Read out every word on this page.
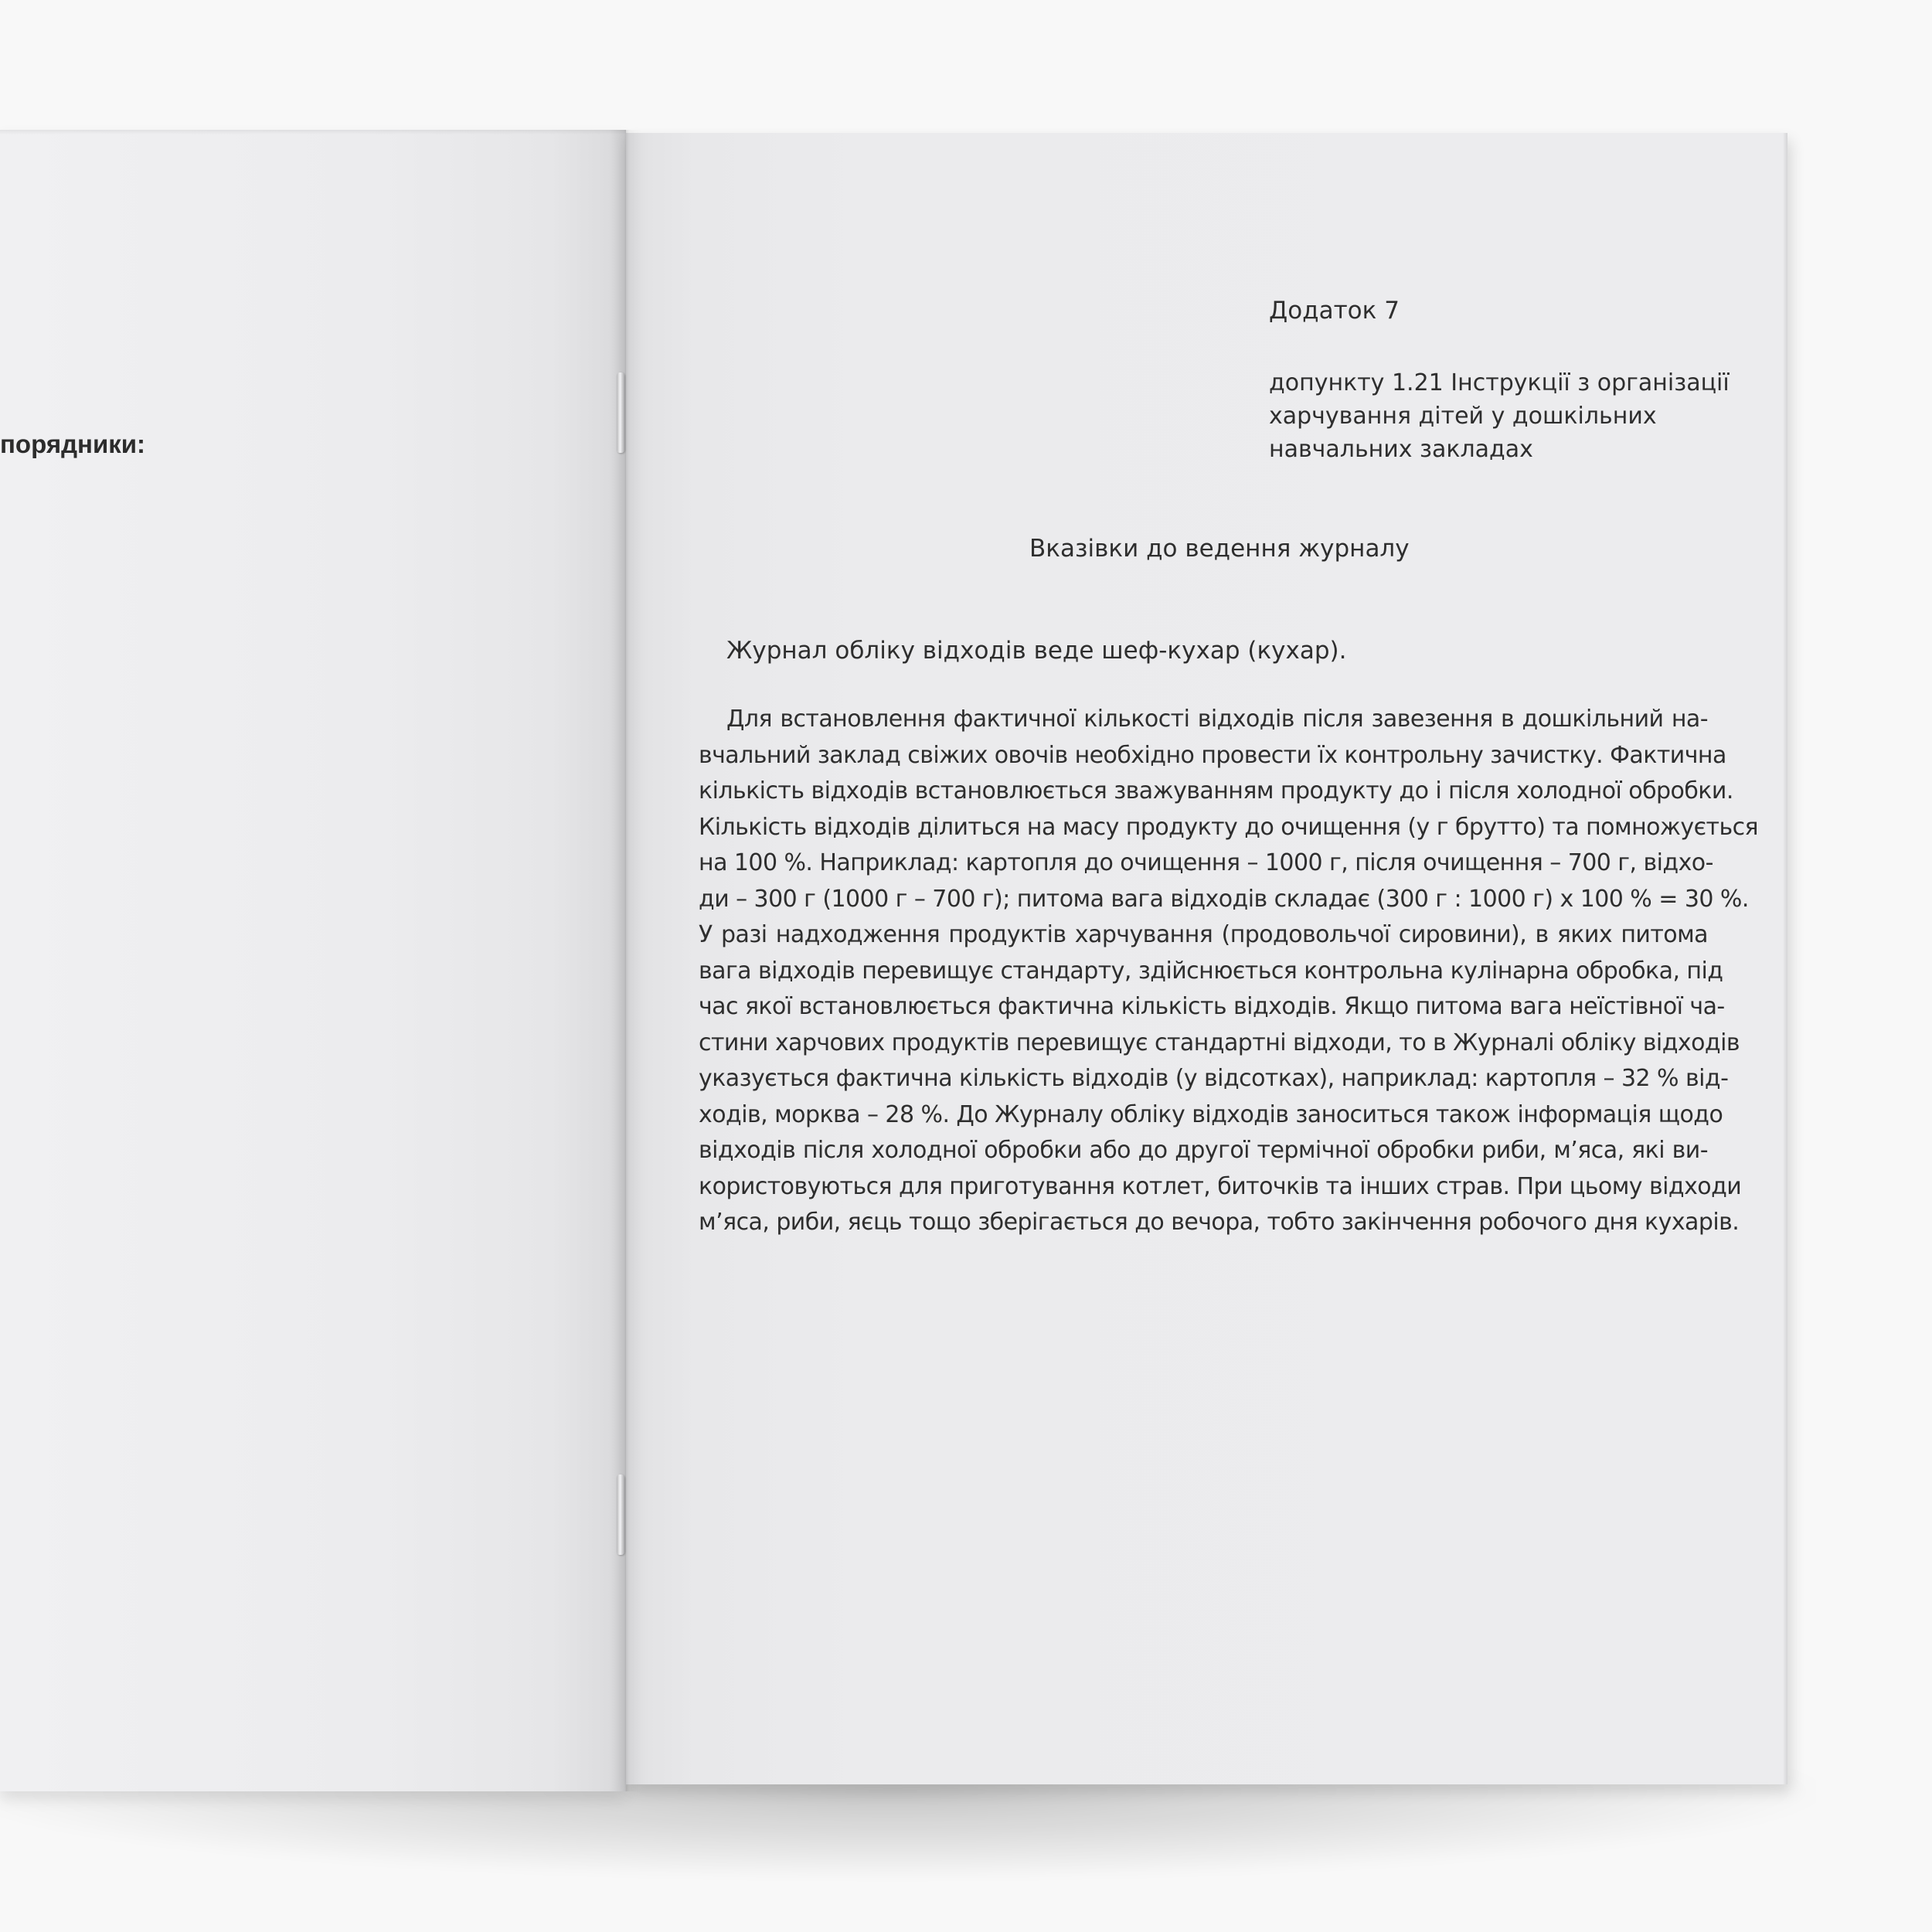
порядники:
Додаток 7
допункту 1.21 Інструкції з організації
харчування дітей у дошкільних
навчальних закладах
Вказівки до ведення журналу
Журнал обліку відходів веде шеф-кухар (кухар).
Для встановлення фактичної кількості відходів після завезення в дошкільний на-
вчальний заклад свіжих овочів необхідно провести їх контрольну зачистку. Фактична
кількість відходів встановлюється зважуванням продукту до і після холодної обробки.
Кількість відходів ділиться на масу продукту до очищення (у г брутто) та помножується
на 100 %. Наприклад: картопля до очищення – 1000 г, після очищення – 700 г, відхо-
ди – 300 г (1000 г – 700 г); питома вага відходів складає (300 г : 1000 г) х 100 % = 30 %.
У разі надходження продуктів харчування (продовольчої сировини), в яких питома
вага відходів перевищує стандарту, здійснюється контрольна кулінарна обробка, під
час якої встановлюється фактична кількість відходів. Якщо питома вага неїстівної ча-
стини харчових продуктів перевищує стандартні відходи, то в Журналі обліку відходів
указується фактична кількість відходів (у відсотках), наприклад: картопля – 32 % від-
ходів, морква – 28 %. До Журналу обліку відходів заноситься також інформація щодо
відходів після холодної обробки або до другої термічної обробки риби, м’яса, які ви-
користовуються для приготування котлет, биточків та інших страв. При цьому відходи
м’яса, риби, яєць тощо зберігається до вечора, тобто закінчення робочого дня кухарів.
